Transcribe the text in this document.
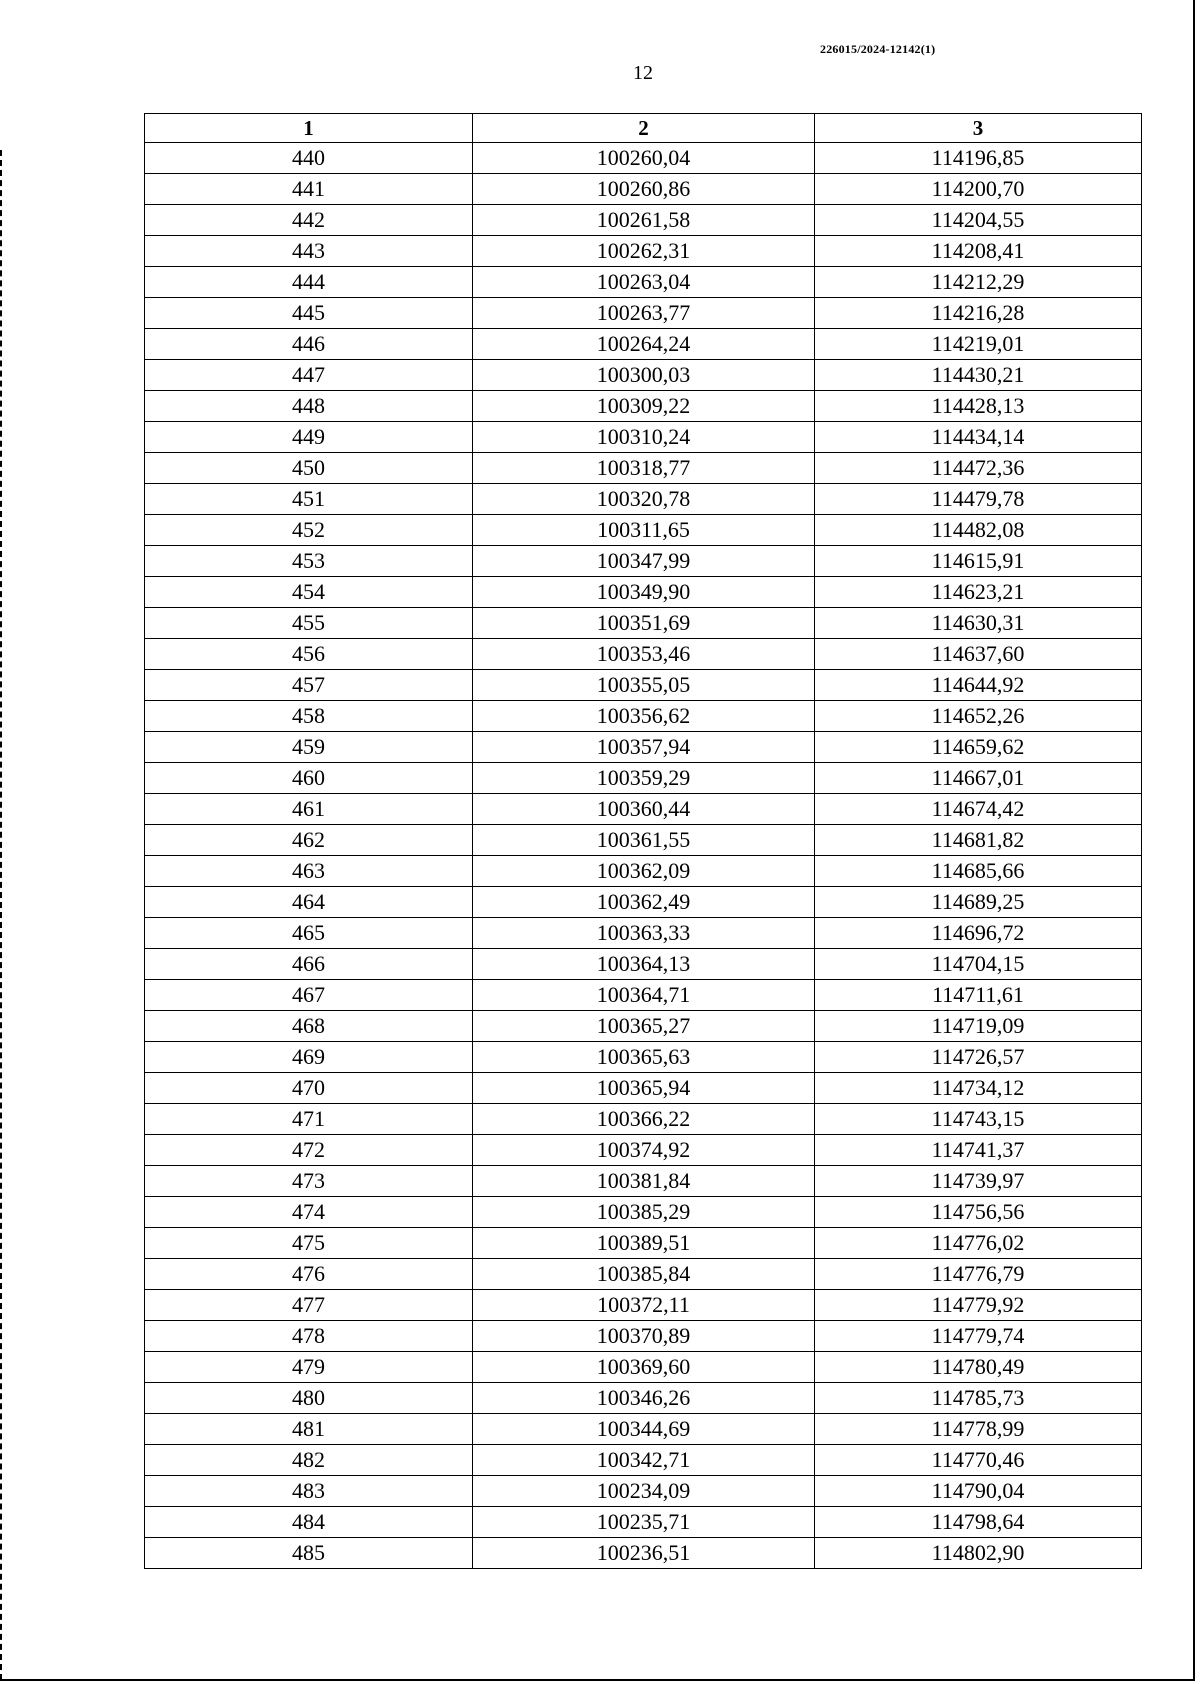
226015/2024-12142(1)
12
1	2	3
440	100260,04	114196,85
441	100260,86	114200,70
442	100261,58	114204,55
443	100262,31	114208,41
444	100263,04	114212,29
445	100263,77	114216,28
446	100264,24	114219,01
447	100300,03	114430,21
448	100309,22	114428,13
449	100310,24	114434,14
450	100318,77	114472,36
451	100320,78	114479,78
452	100311,65	114482,08
453	100347,99	114615,91
454	100349,90	114623,21
455	100351,69	114630,31
456	100353,46	114637,60
457	100355,05	114644,92
458	100356,62	114652,26
459	100357,94	114659,62
460	100359,29	114667,01
461	100360,44	114674,42
462	100361,55	114681,82
463	100362,09	114685,66
464	100362,49	114689,25
465	100363,33	114696,72
466	100364,13	114704,15
467	100364,71	114711,61
468	100365,27	114719,09
469	100365,63	114726,57
470	100365,94	114734,12
471	100366,22	114743,15
472	100374,92	114741,37
473	100381,84	114739,97
474	100385,29	114756,56
475	100389,51	114776,02
476	100385,84	114776,79
477	100372,11	114779,92
478	100370,89	114779,74
479	100369,60	114780,49
480	100346,26	114785,73
481	100344,69	114778,99
482	100342,71	114770,46
483	100234,09	114790,04
484	100235,71	114798,64
485	100236,51	114802,90
